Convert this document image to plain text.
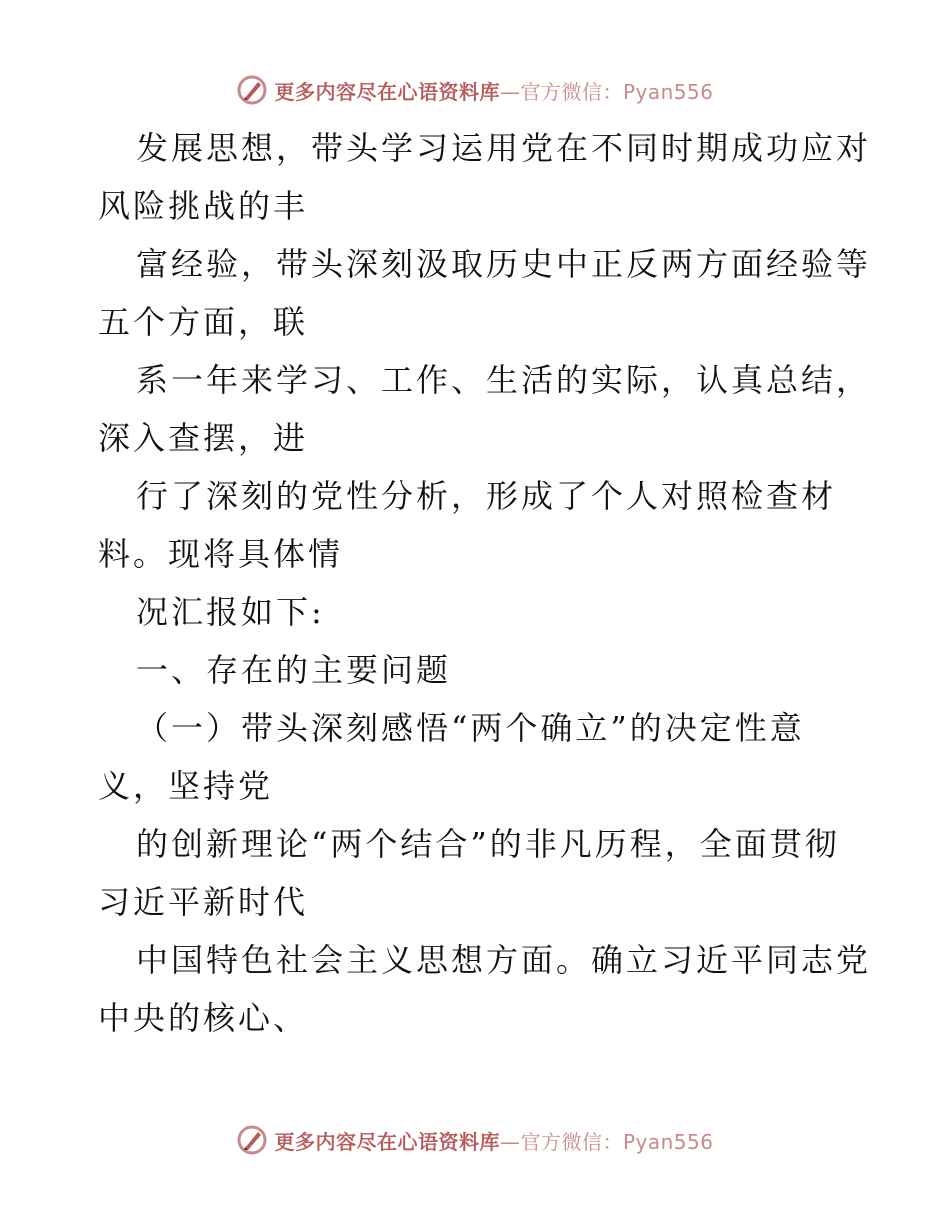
更多内容尽在心语资料库—官方微信：Pyan556
发展思想，带头学习运用党在不同时期成功应对
风险挑战的丰
富经验，带头深刻汲取历史中正反两方面经验等
五个方面，联
系一年来学习、工作、生活的实际，认真总结，
深入查摆，进
行了深刻的党性分析，形成了个人对照检查材
料。现将具体情
况汇报如下:
一、存在的主要问题
（一）带头深刻感悟“两个确立”的决定性意
义，坚持党
的创新理论“两个结合”的非凡历程，全面贯彻
习近平新时代
中国特色社会主义思想方面。确立习近平同志党
中央的核心、
更多内容尽在心语资料库—官方微信：Pyan556
